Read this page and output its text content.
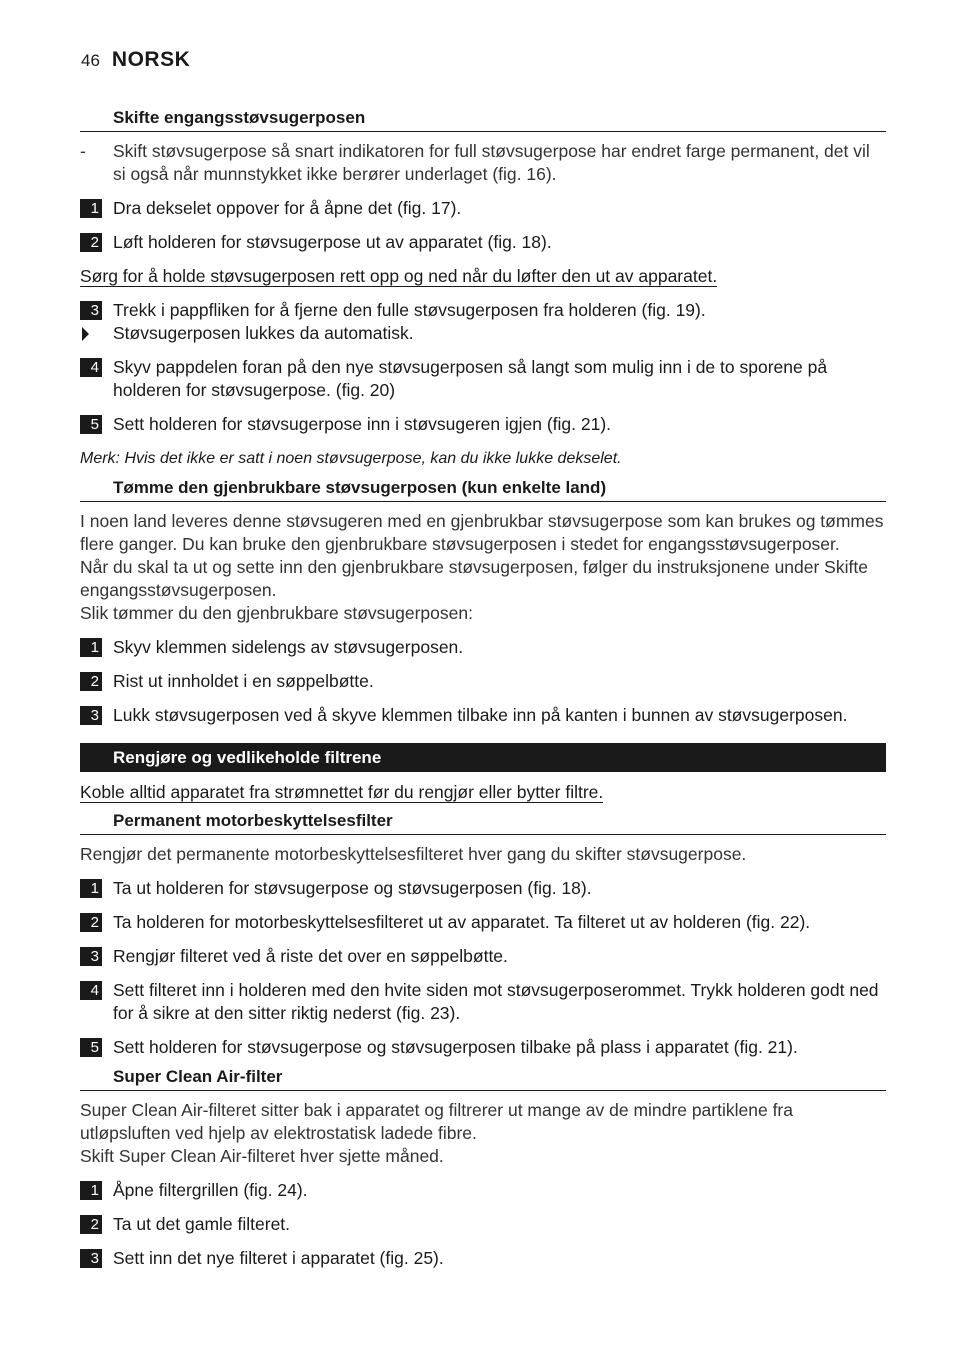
46 NORSK
Skifte engangsstøvsugerposen
-	Skift støvsugerpose så snart indikatoren for full støvsugerpose har endret farge permanent, det vil si også når munnstykket ikke berører underlaget (fig. 16).
1 Dra dekselet oppover for å åpne det (fig. 17).
2 Løft holderen for støvsugerpose ut av apparatet (fig. 18).
Sørg for å holde støvsugerposen rett opp og ned når du løfter den ut av apparatet.
3 Trekk i pappfliken for å fjerne den fulle støvsugerposen fra holderen (fig. 19).
Støvsugerposen lukkes da automatisk.
4 Skyv pappdelen foran på den nye støvsugerposen så langt som mulig inn i de to sporene på holderen for støvsugerpose. (fig. 20)
5 Sett holderen for støvsugerpose inn i støvsugeren igjen (fig. 21).
Merk: Hvis det ikke er satt i noen støvsugerpose, kan du ikke lukke dekselet.
Tømme den gjenbrukbare støvsugerposen (kun enkelte land)
I noen land leveres denne støvsugeren med en gjenbrukbar støvsugerpose som kan brukes og tømmes flere ganger. Du kan bruke den gjenbrukbare støvsugerposen i stedet for engangsstøvsugerposer.
Når du skal ta ut og sette inn den gjenbrukbare støvsugerposen, følger du instruksjonene under Skifte engangsstøvsugerposen.
Slik tømmer du den gjenbrukbare støvsugerposen:
1 Skyv klemmen sidelengs av støvsugerposen.
2 Rist ut innholdet i en søppelbøtte.
3 Lukk støvsugerposen ved å skyve klemmen tilbake inn på kanten i bunnen av støvsugerposen.
Rengjøre og vedlikeholde filtrene
Koble alltid apparatet fra strømnettet før du rengjør eller bytter filtre.
Permanent motorbeskyttelsesfilter
Rengjør det permanente motorbeskyttelsesfilteret hver gang du skifter støvsugerpose.
1 Ta ut holderen for støvsugerpose og støvsugerposen (fig. 18).
2 Ta holderen for motorbeskyttelsesfilteret ut av apparatet. Ta filteret ut av holderen (fig. 22).
3 Rengjør filteret ved å riste det over en søppelbøtte.
4 Sett filteret inn i holderen med den hvite siden mot støvsugerposerommet. Trykk holderen godt ned for å sikre at den sitter riktig nederst (fig. 23).
5 Sett holderen for støvsugerpose og støvsugerposen tilbake på plass i apparatet (fig. 21).
Super Clean Air-filter
Super Clean Air-filteret sitter bak i apparatet og filtrerer ut mange av de mindre partiklene fra utløpsluften ved hjelp av elektrostatisk ladede fibre.
Skift Super Clean Air-filteret hver sjette måned.
1 Åpne filtergrillen (fig. 24).
2 Ta ut det gamle filteret.
3 Sett inn det nye filteret i apparatet (fig. 25).
